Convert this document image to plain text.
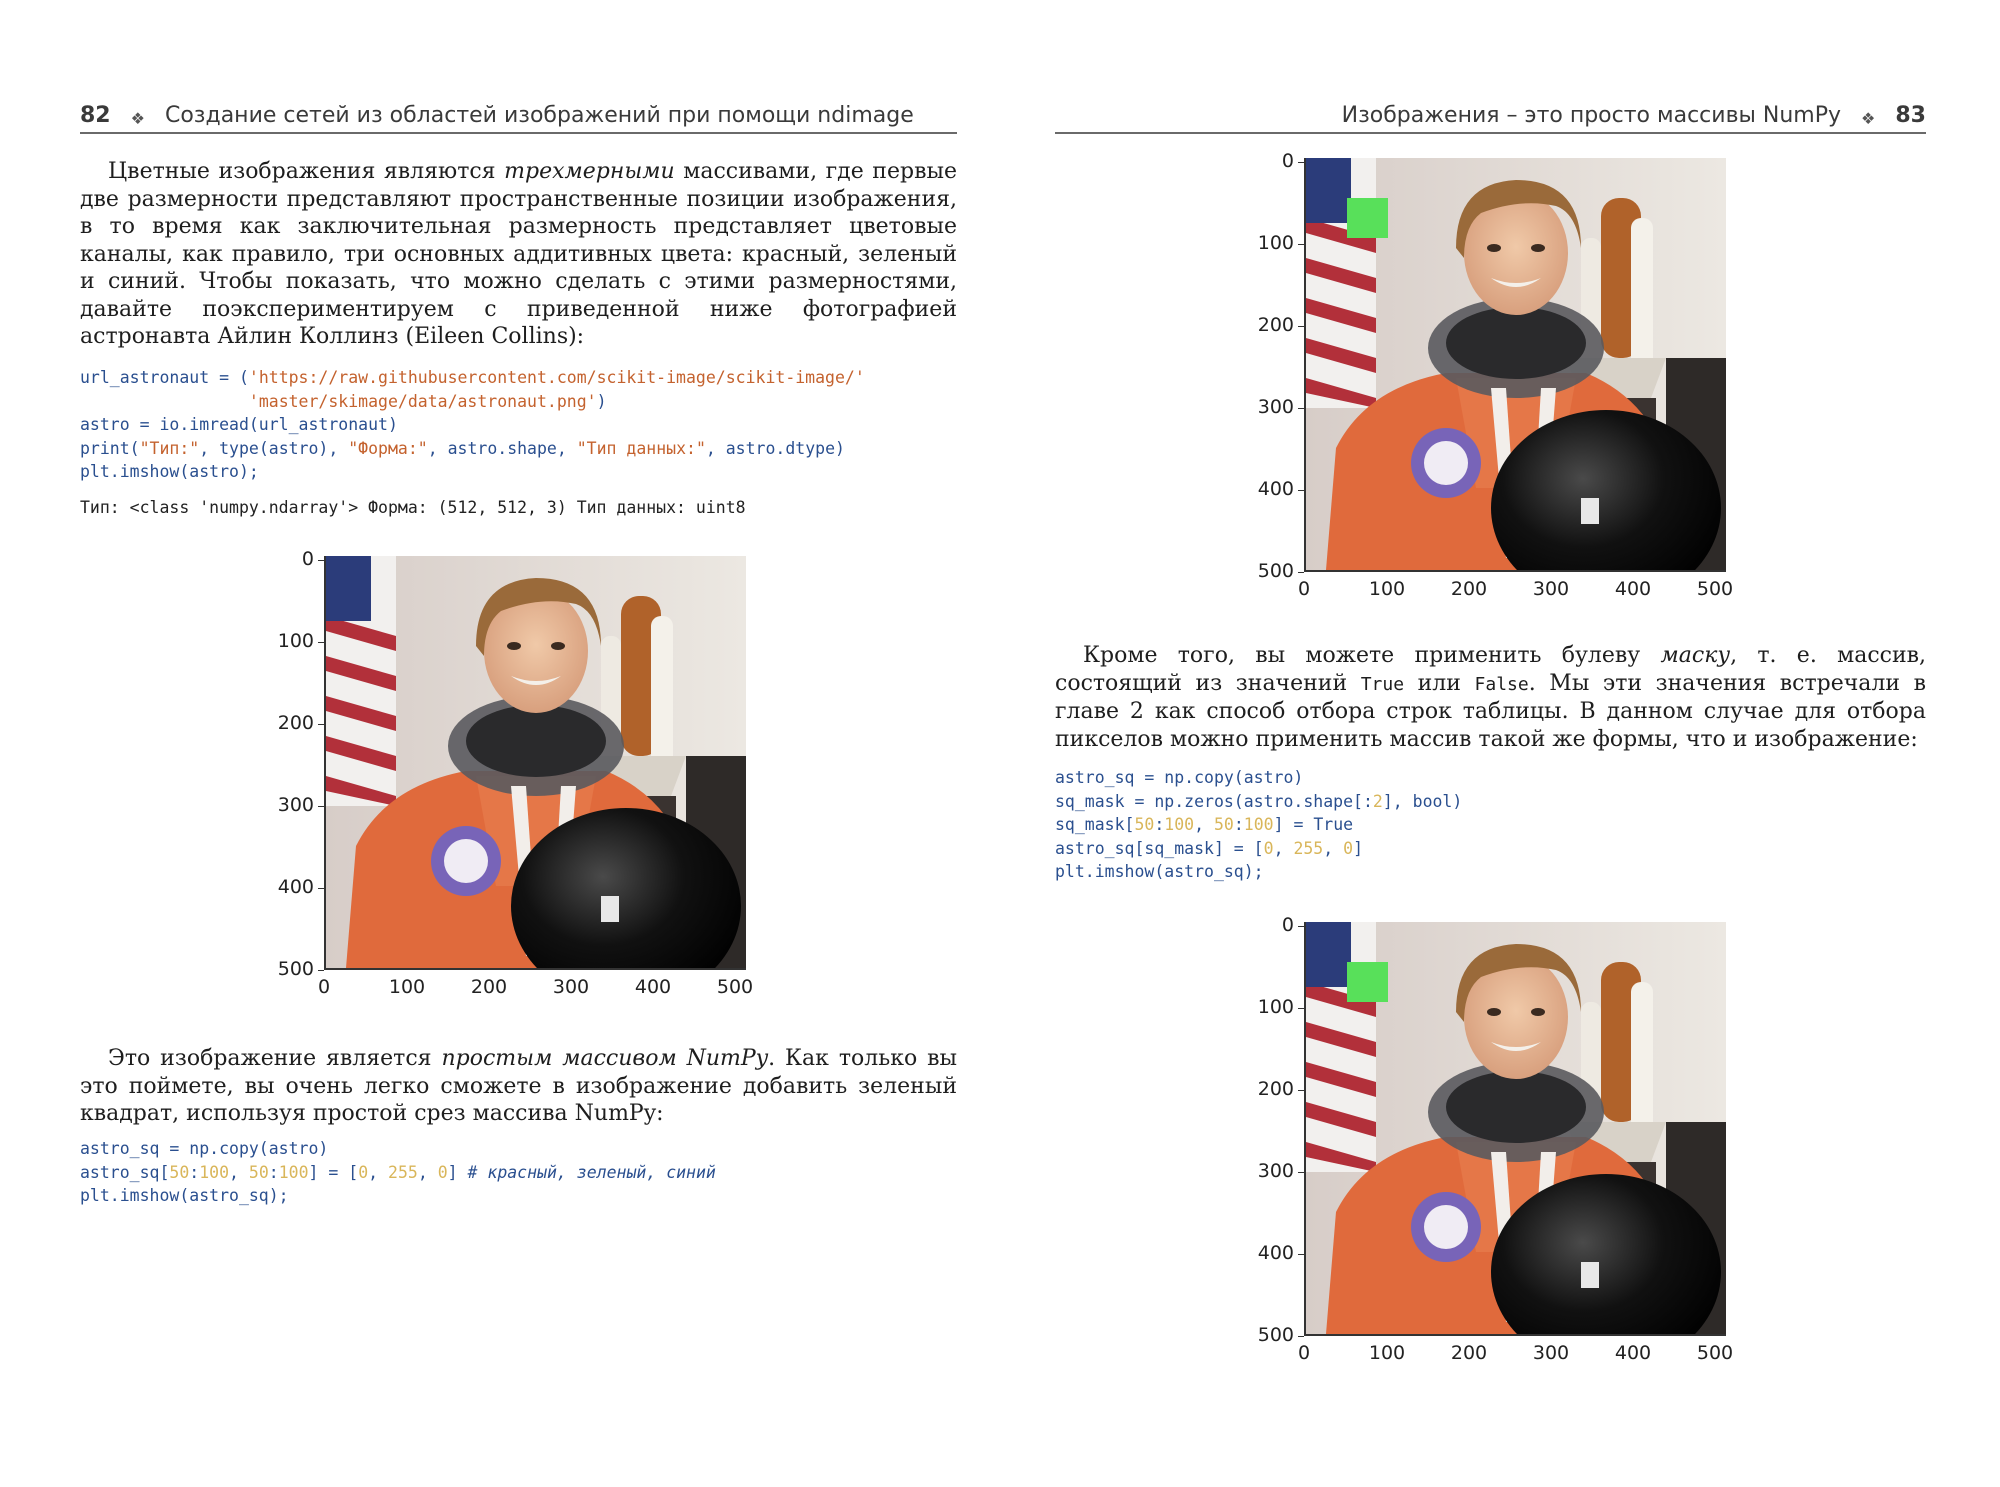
82 ❖ Создание сетей из областей изображений при помощи ndimage

Цветные изображения являются трехмерными массивами, где первые две размерности представляют пространственные позиции изображения, в то время как заключительная размерность представляет цветовые каналы, как правило, три основных аддитивных цвета: красный, зеленый и синий. Чтобы показать, что можно сделать с этими размерностями, давайте поэкспериментируем с приведенной ниже фотографией астронавта Айлин Коллинз (Eileen Collins):

url_astronaut = ('https://raw.githubusercontent.com/scikit-image/scikit-image/'
'master/skimage/data/astronaut.png')
astro = io.imread(url_astronaut)
print("Тип:", type(astro), "Форма:", astro.shape, "Тип данных:", astro.dtype)
plt.imshow(astro);
Тип: <class 'numpy.ndarray'> Форма: (512, 512, 3) Тип данных: uint8
0
100
200
300
400
500
0	100	200	300	400	500

Это изображение является простым массивом NumPy. Как только вы это поймете, вы очень легко сможете в изображение добавить зеленый квадрат, используя простой срез массива NumPy:

astro_sq = np.copy(astro)
astro_sq[50:100, 50:100] = [0, 255, 0] # красный, зеленый, синий
plt.imshow(astro_sq);
Изображения – это просто массивы NumPy ❖ 83
0
100
200
300
400
500
0	100	200	300	400	500

Кроме того, вы можете применить булеву маску, т. е. массив, состоящий из значений True или False. Мы эти значения встречали в главе 2 как способ отбора строк таблицы. В данном случае для отбора пикселов можно применить массив такой же формы, что и изображение:

astro_sq = np.copy(astro)
sq_mask = np.zeros(astro.shape[:2], bool)
sq_mask[50:100, 50:100] = True
astro_sq[sq_mask] = [0, 255, 0]
plt.imshow(astro_sq);
0
100
200
300
400
500
0	100	200	300	400	500
